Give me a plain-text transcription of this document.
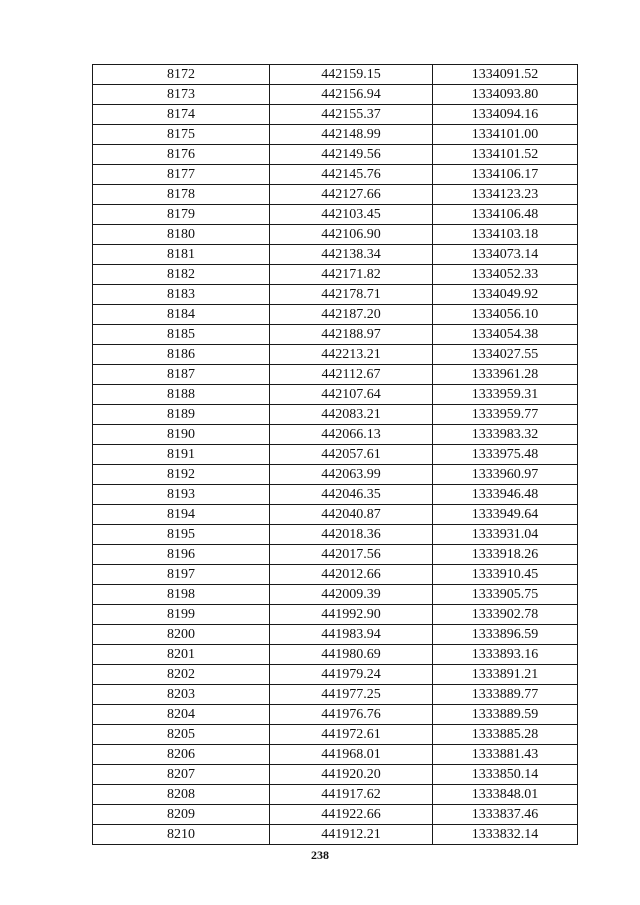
8172	442159.15	1334091.52
8173	442156.94	1334093.80
8174	442155.37	1334094.16
8175	442148.99	1334101.00
8176	442149.56	1334101.52
8177	442145.76	1334106.17
8178	442127.66	1334123.23
8179	442103.45	1334106.48
8180	442106.90	1334103.18
8181	442138.34	1334073.14
8182	442171.82	1334052.33
8183	442178.71	1334049.92
8184	442187.20	1334056.10
8185	442188.97	1334054.38
8186	442213.21	1334027.55
8187	442112.67	1333961.28
8188	442107.64	1333959.31
8189	442083.21	1333959.77
8190	442066.13	1333983.32
8191	442057.61	1333975.48
8192	442063.99	1333960.97
8193	442046.35	1333946.48
8194	442040.87	1333949.64
8195	442018.36	1333931.04
8196	442017.56	1333918.26
8197	442012.66	1333910.45
8198	442009.39	1333905.75
8199	441992.90	1333902.78
8200	441983.94	1333896.59
8201	441980.69	1333893.16
8202	441979.24	1333891.21
8203	441977.25	1333889.77
8204	441976.76	1333889.59
8205	441972.61	1333885.28
8206	441968.01	1333881.43
8207	441920.20	1333850.14
8208	441917.62	1333848.01
8209	441922.66	1333837.46
8210	441912.21	1333832.14
238
